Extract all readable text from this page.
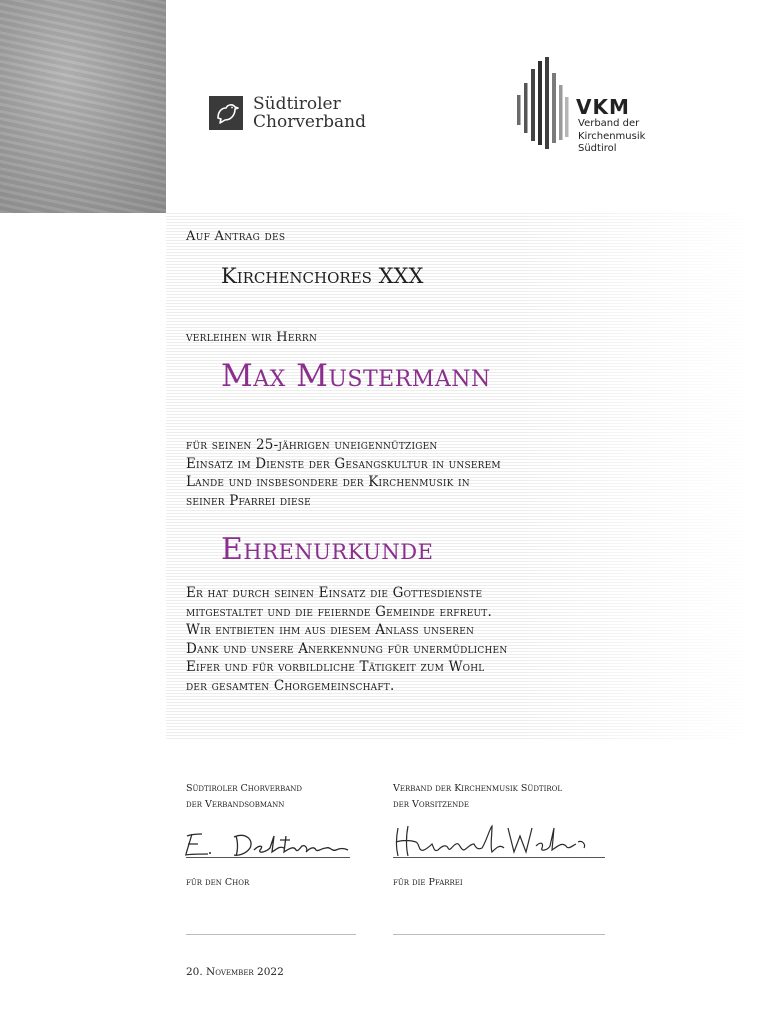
Südtiroler
Chorverband
VKM
Verband der
Kirchenmusik
Südtirol

Auf Antrag des

Kirchenchores XXX

verleihen wir Herrn

Max Mustermann

für seinen 25-jährigen uneigennützigen
Einsatz im Dienste der Gesangskultur in unserem
Lande und insbesondere der Kirchenmusik in
seiner Pfarrei diese

Ehrenurkunde

Er hat durch seinen Einsatz die Gottesdienste
mitgestaltet und die feiernde Gemeinde erfreut.
Wir entbieten ihm aus diesem Anlass unseren
Dank und unsere Anerkennung für unermüdlichen
Eifer und für vorbildliche Tätigkeit zum Wohl
der gesamten Chorgemeinschaft.
Südtiroler Chorverband
der Verbandsobmann
Verband der Kirchenmusik Südtirol
der Vorsitzende
für den Chor	für die Pfarrei
20. November 2022
